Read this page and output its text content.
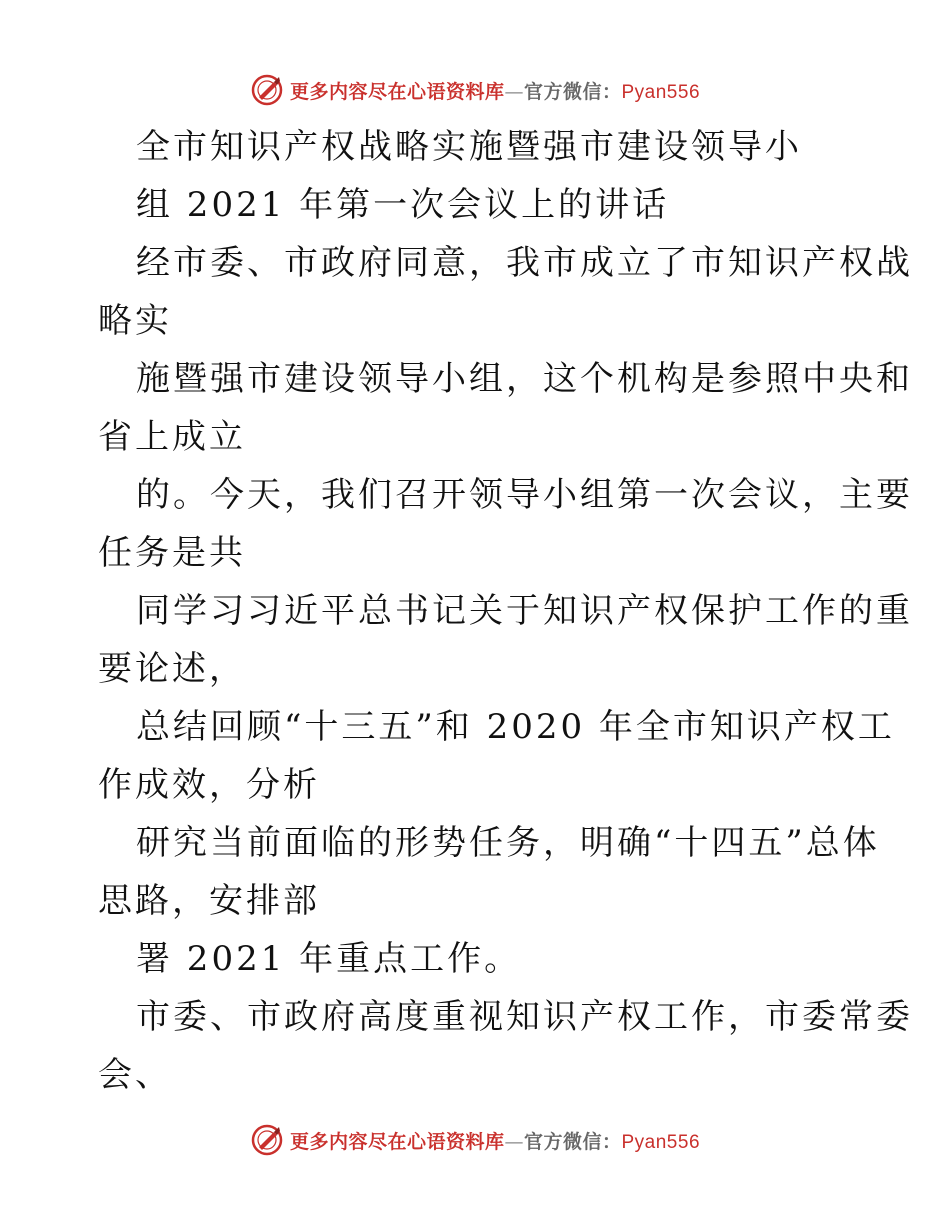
更多内容尽在心语资料库—官方微信：Pyan556
全市知识产权战略实施暨强市建设领导小
组 2021 年第一次会议上的讲话
经市委、市政府同意，我市成立了市知识产权战
略实
施暨强市建设领导小组，这个机构是参照中央和
省上成立
的。今天，我们召开领导小组第一次会议，主要
任务是共
同学习习近平总书记关于知识产权保护工作的重
要论述，
总结回顾“十三五”和 2020 年全市知识产权工
作成效，分析
研究当前面临的形势任务，明确“十四五”总体
思路，安排部
署 2021 年重点工作。
市委、市政府高度重视知识产权工作，市委常委
会、
更多内容尽在心语资料库—官方微信：Pyan556
